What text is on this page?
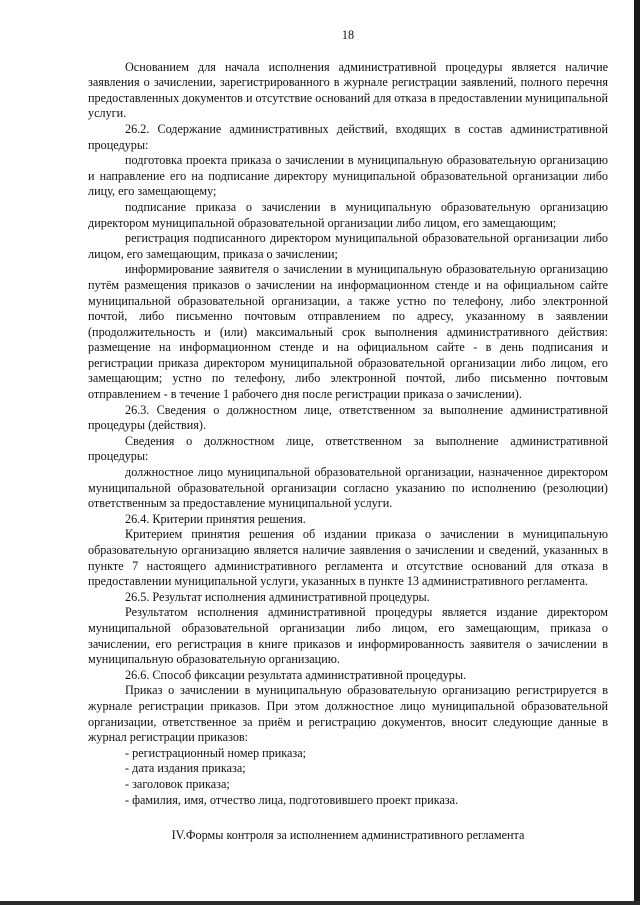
18

Основанием для начала исполнения административной процедуры является наличие заявления о зачислении, зарегистрированного в журнале регистрации заявлений, полного перечня предоставленных документов и отсутствие оснований для отказа в предоставлении муниципальной услуги.

26.2. Содержание административных действий, входящих в состав административной процедуры:

подготовка проекта приказа о зачислении в муниципальную образовательную организацию и направление его на подписание директору муниципальной образовательной организации либо лицу, его замещающему;

подписание приказа о зачислении в муниципальную образовательную организацию директором муниципальной образовательной организации либо лицом, его замещающим;

регистрация подписанного директором муниципальной образовательной организации либо лицом, его замещающим, приказа о зачислении;

информирование заявителя о зачислении в муниципальную образовательную организацию путём размещения приказов о зачислении на информационном стенде и на официальном сайте муниципальной образовательной организации, а также устно по телефону, либо электронной почтой, либо письменно почтовым отправлением по адресу, указанному в заявлении (продолжительность и (или) максимальный срок выполнения административного действия: размещение на информационном стенде и на официальном сайте - в день подписания и регистрации приказа директором муниципальной образовательной организации либо лицом, его замещающим; устно по телефону, либо электронной почтой, либо письменно почтовым отправлением - в течение 1 рабочего дня после регистрации приказа о зачислении).

26.3. Сведения о должностном лице, ответственном за выполнение административной процедуры (действия).

Сведения о должностном лице, ответственном за выполнение административной процедуры:

должностное лицо муниципальной образовательной организации, назначенное директором муниципальной образовательной организации согласно указанию по исполнению (резолюции) ответственным за предоставление муниципальной услуги.

26.4. Критерии принятия решения.

Критерием принятия решения об издании приказа о зачислении в муниципальную образовательную организацию является наличие заявления о зачислении и сведений, указанных в пункте 7 настоящего административного регламента и отсутствие оснований для отказа в предоставлении муниципальной услуги, указанных в пункте 13 административного регламента.

26.5. Результат исполнения административной процедуры.

Результатом исполнения административной процедуры является издание директором муниципальной образовательной организации либо лицом, его замещающим, приказа о зачислении, его регистрация в книге приказов и информированность заявителя о зачислении в муниципальную образовательную организацию.

26.6. Способ фиксации результата административной процедуры.

Приказ о зачислении в муниципальную образовательную организацию регистрируется в журнале регистрации приказов. При этом должностное лицо муниципальной образовательной организации, ответственное за приём и регистрацию документов, вносит следующие данные в журнал регистрации приказов:

- регистрационный номер приказа;

- дата издания приказа;

- заголовок приказа;

- фамилия, имя, отчество лица, подготовившего проект приказа.

IV.Формы контроля за исполнением административного регламента
